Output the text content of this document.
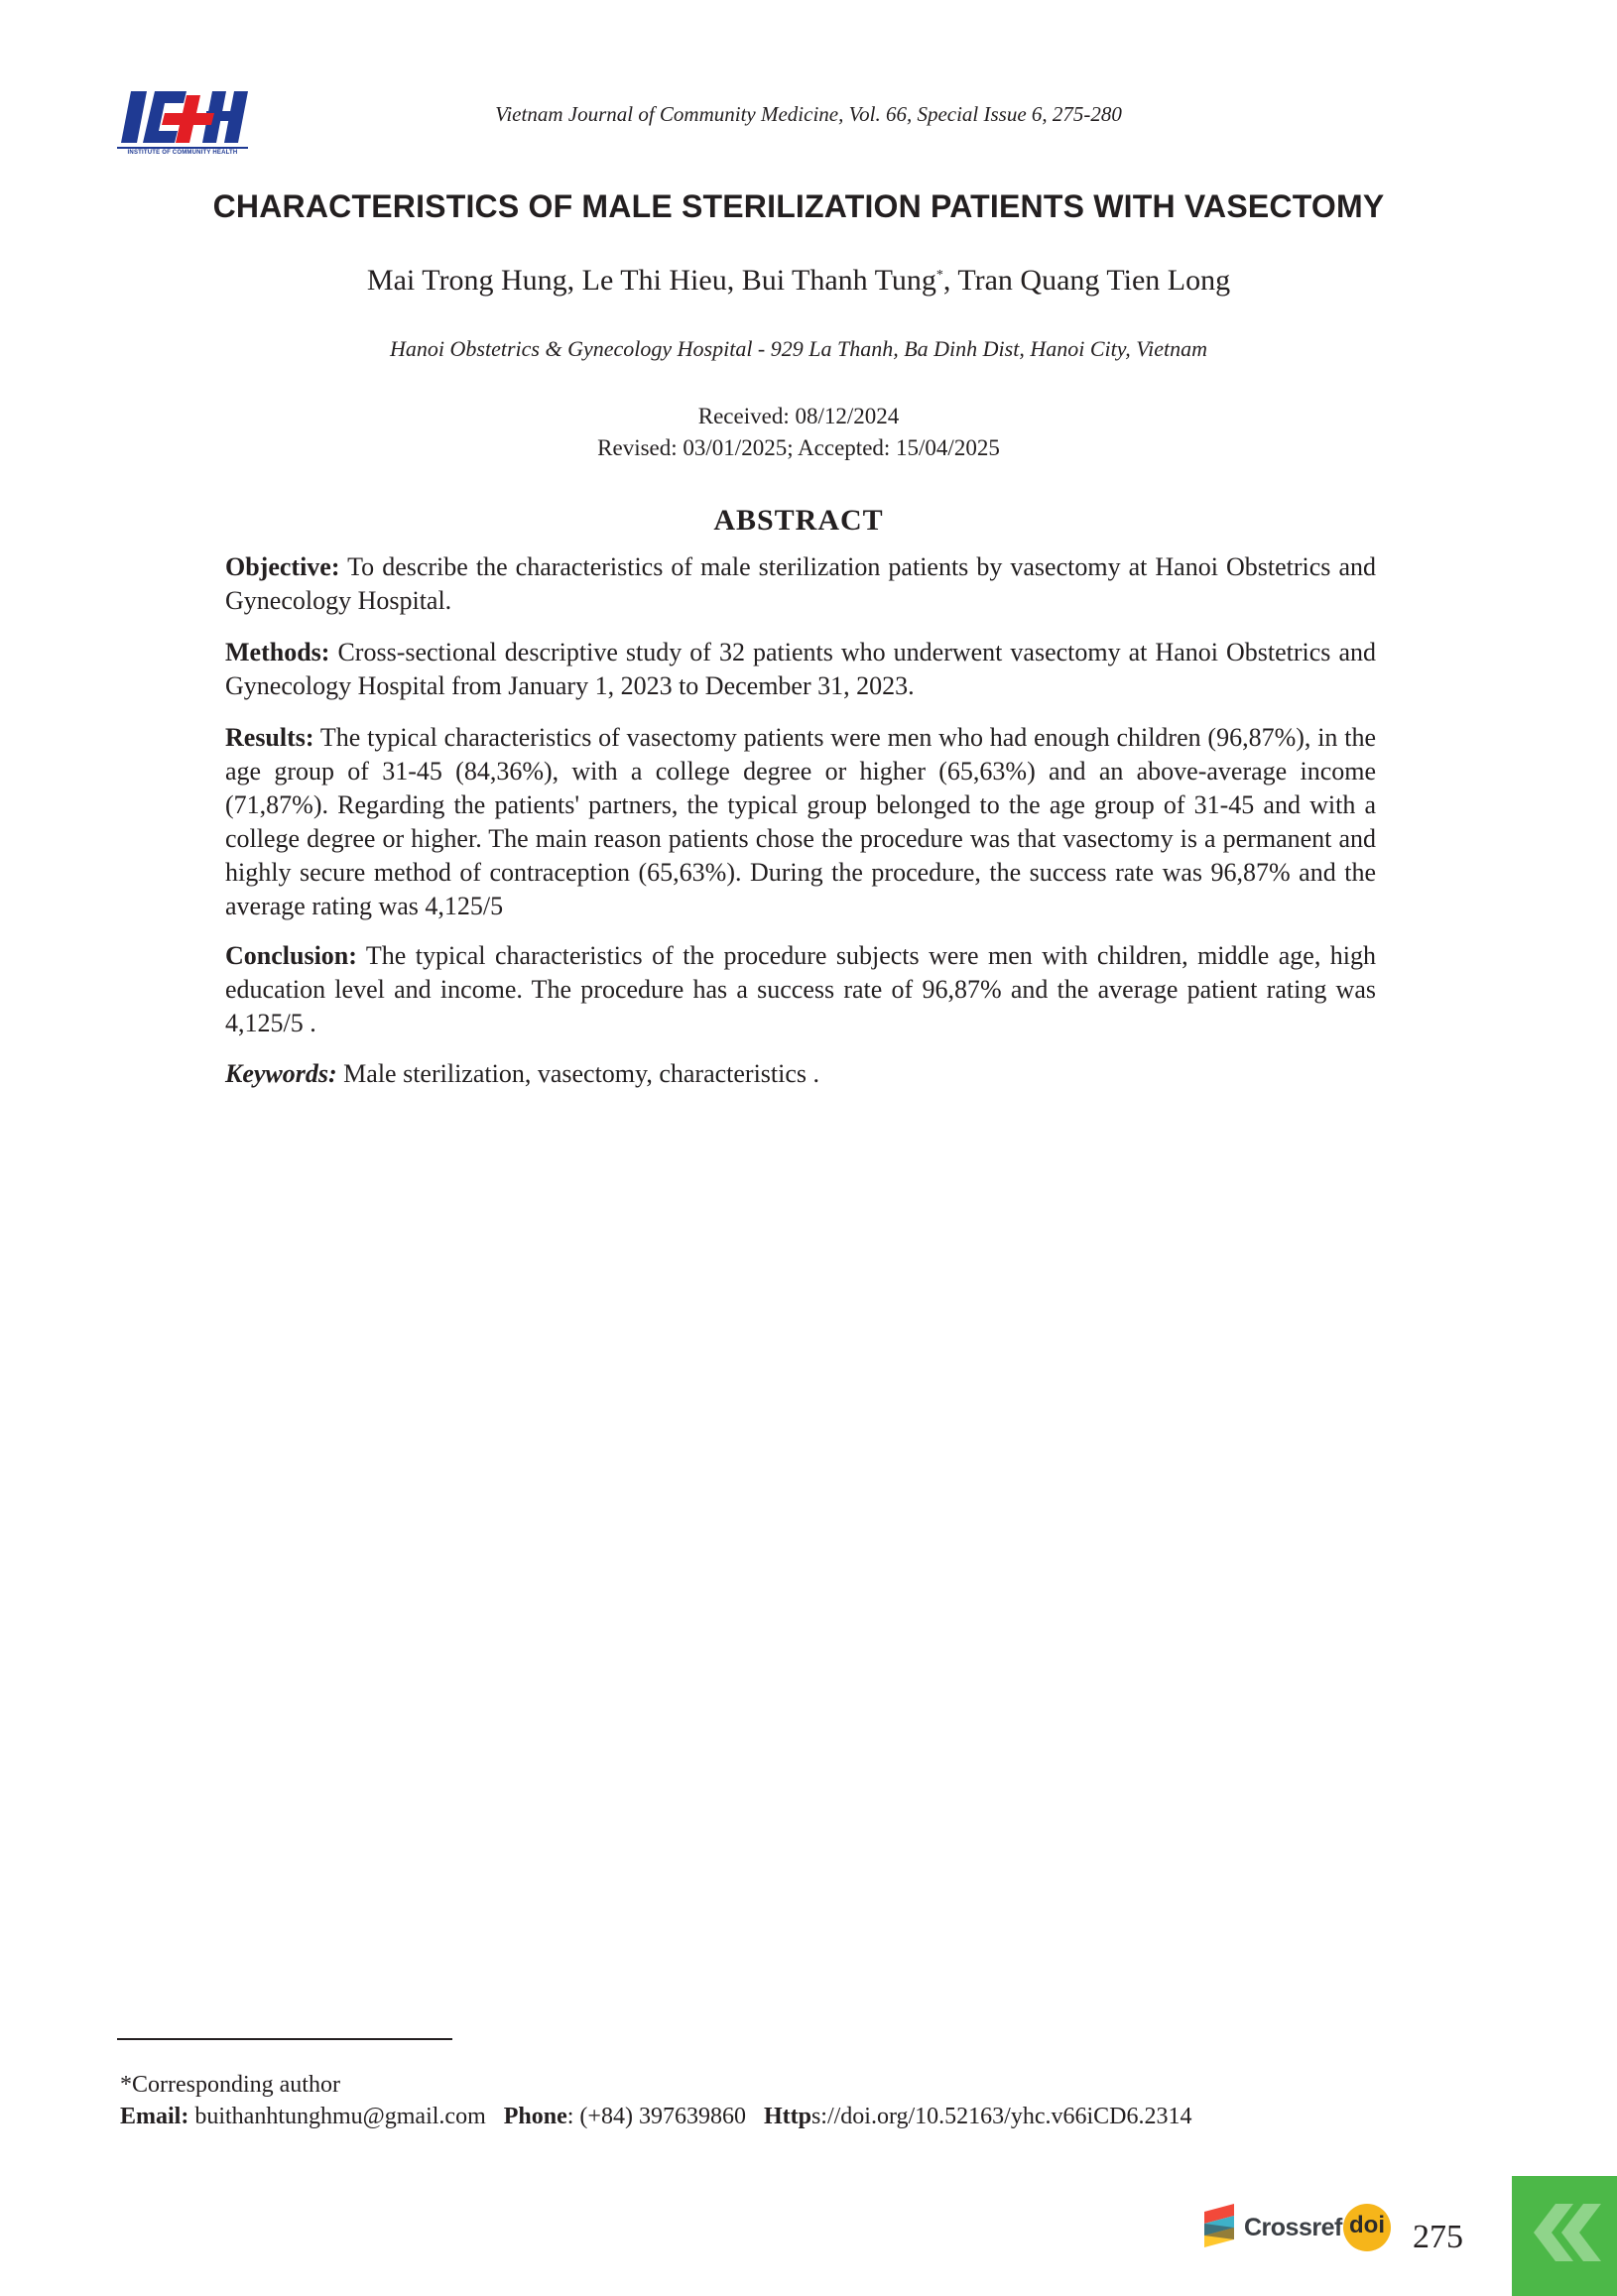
INSTITUTE OF COMMUNITY HEALTH
Vietnam Journal of Community Medicine, Vol. 66, Special Issue 6, 275-280
CHARACTERISTICS OF MALE STERILIZATION PATIENTS WITH VASECTOMY
Mai Trong Hung, Le Thi Hieu, Bui Thanh Tung*, Tran Quang Tien Long
Hanoi Obstetrics & Gynecology Hospital - 929 La Thanh, Ba Dinh Dist, Hanoi City, Vietnam
Received: 08/12/2024
Revised: 03/01/2025; Accepted: 15/04/2025
ABSTRACT
Objective: To describe the characteristics of male sterilization patients by vasectomy at Hanoi Obstetrics and Gynecology Hospital.
Methods: Cross-sectional descriptive study of 32 patients who underwent vasectomy at Hanoi Obstetrics and Gynecology Hospital from January 1, 2023 to December 31, 2023.
Results: The typical characteristics of vasectomy patients were men who had enough children (96,87%), in the age group of 31-45 (84,36%), with a college degree or higher (65,63%) and an above-average income (71,87%). Regarding the patients' partners, the typical group belonged to the age group of 31-45 and with a college degree or higher. The main reason patients chose the procedure was that vasectomy is a permanent and highly secure method of contraception (65,63%). During the procedure, the success rate was 96,87% and the average rating was 4,125/5
Conclusion: The typical characteristics of the procedure subjects were men with children, middle age, high education level and income. The procedure has a success rate of 96,87% and the average patient rating was 4,125/5 .
Keywords: Male sterilization, vasectomy, characteristics .
*Corresponding author
Email: buithanhtunghmu@gmail.com Phone: (+84) 397639860 Https://doi.org/10.52163/yhc.v66iCD6.2314
Crossref doi 275
